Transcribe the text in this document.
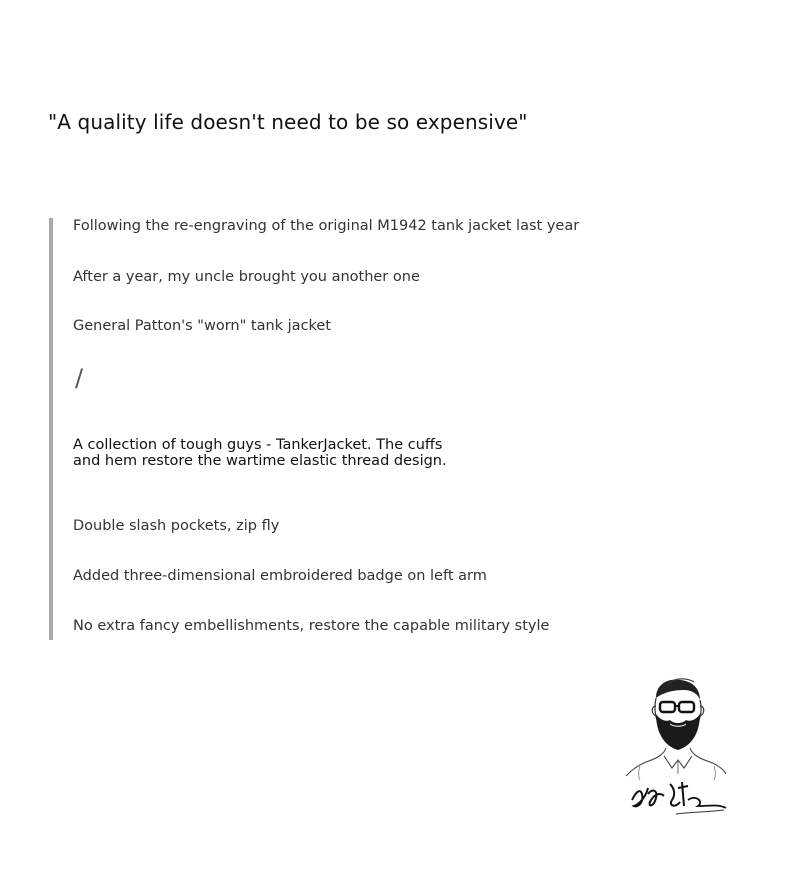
"A quality life doesn't need to be so expensive"

Following the re-engraving of the original M1942 tank jacket last year

After a year, my uncle brought you another one

General Patton's "worn" tank jacket

/

A collection of tough guys - TankerJacket. The cuffs and hem restore the wartime elastic thread design.

Double slash pockets, zip fly

Added three-dimensional embroidered badge on left arm

No extra fancy embellishments, restore the capable military style
